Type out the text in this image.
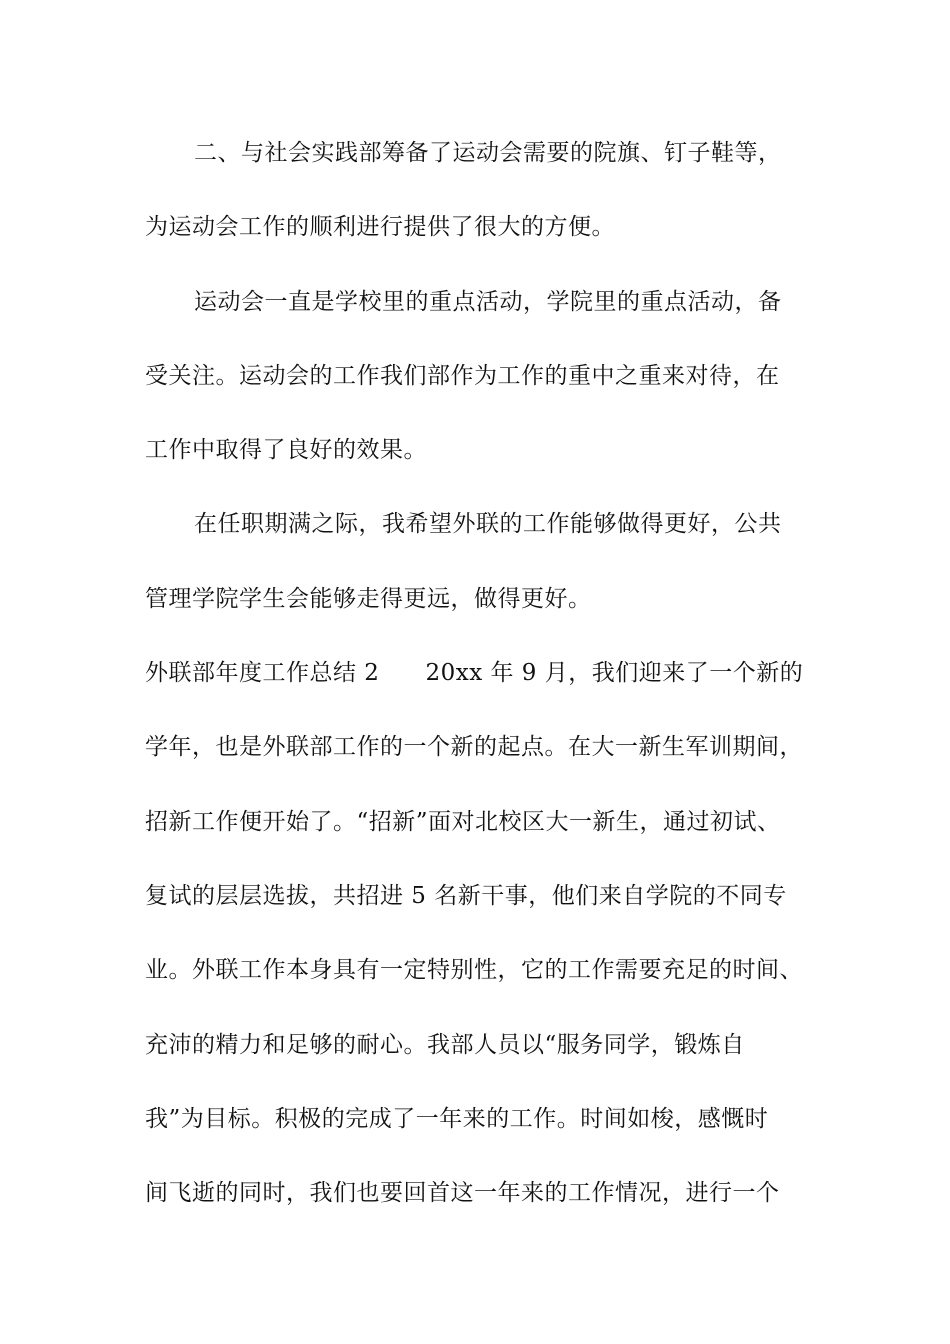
二、与社会实践部筹备了运动会需要的院旗、钉子鞋等，
为运动会工作的顺利进行提供了很大的方便。
运动会一直是学校里的重点活动，学院里的重点活动，备
受关注。运动会的工作我们部作为工作的重中之重来对待，在
工作中取得了良好的效果。
在任职期满之际，我希望外联的工作能够做得更好，公共
管理学院学生会能够走得更远，做得更好。
外联部年度工作总结 2 20xx 年 9 月，我们迎来了一个新的
学年，也是外联部工作的一个新的起点。在大一新生军训期间，
招新工作便开始了。“招新”面对北校区大一新生，通过初试、
复试的层层选拔，共招进 5 名新干事，他们来自学院的不同专
业。外联工作本身具有一定特别性，它的工作需要充足的时间、
充沛的精力和足够的耐心。我部人员以“服务同学，锻炼自
我”为目标。积极的完成了一年来的工作。时间如梭，感慨时
间飞逝的同时，我们也要回首这一年来的工作情况，进行一个
